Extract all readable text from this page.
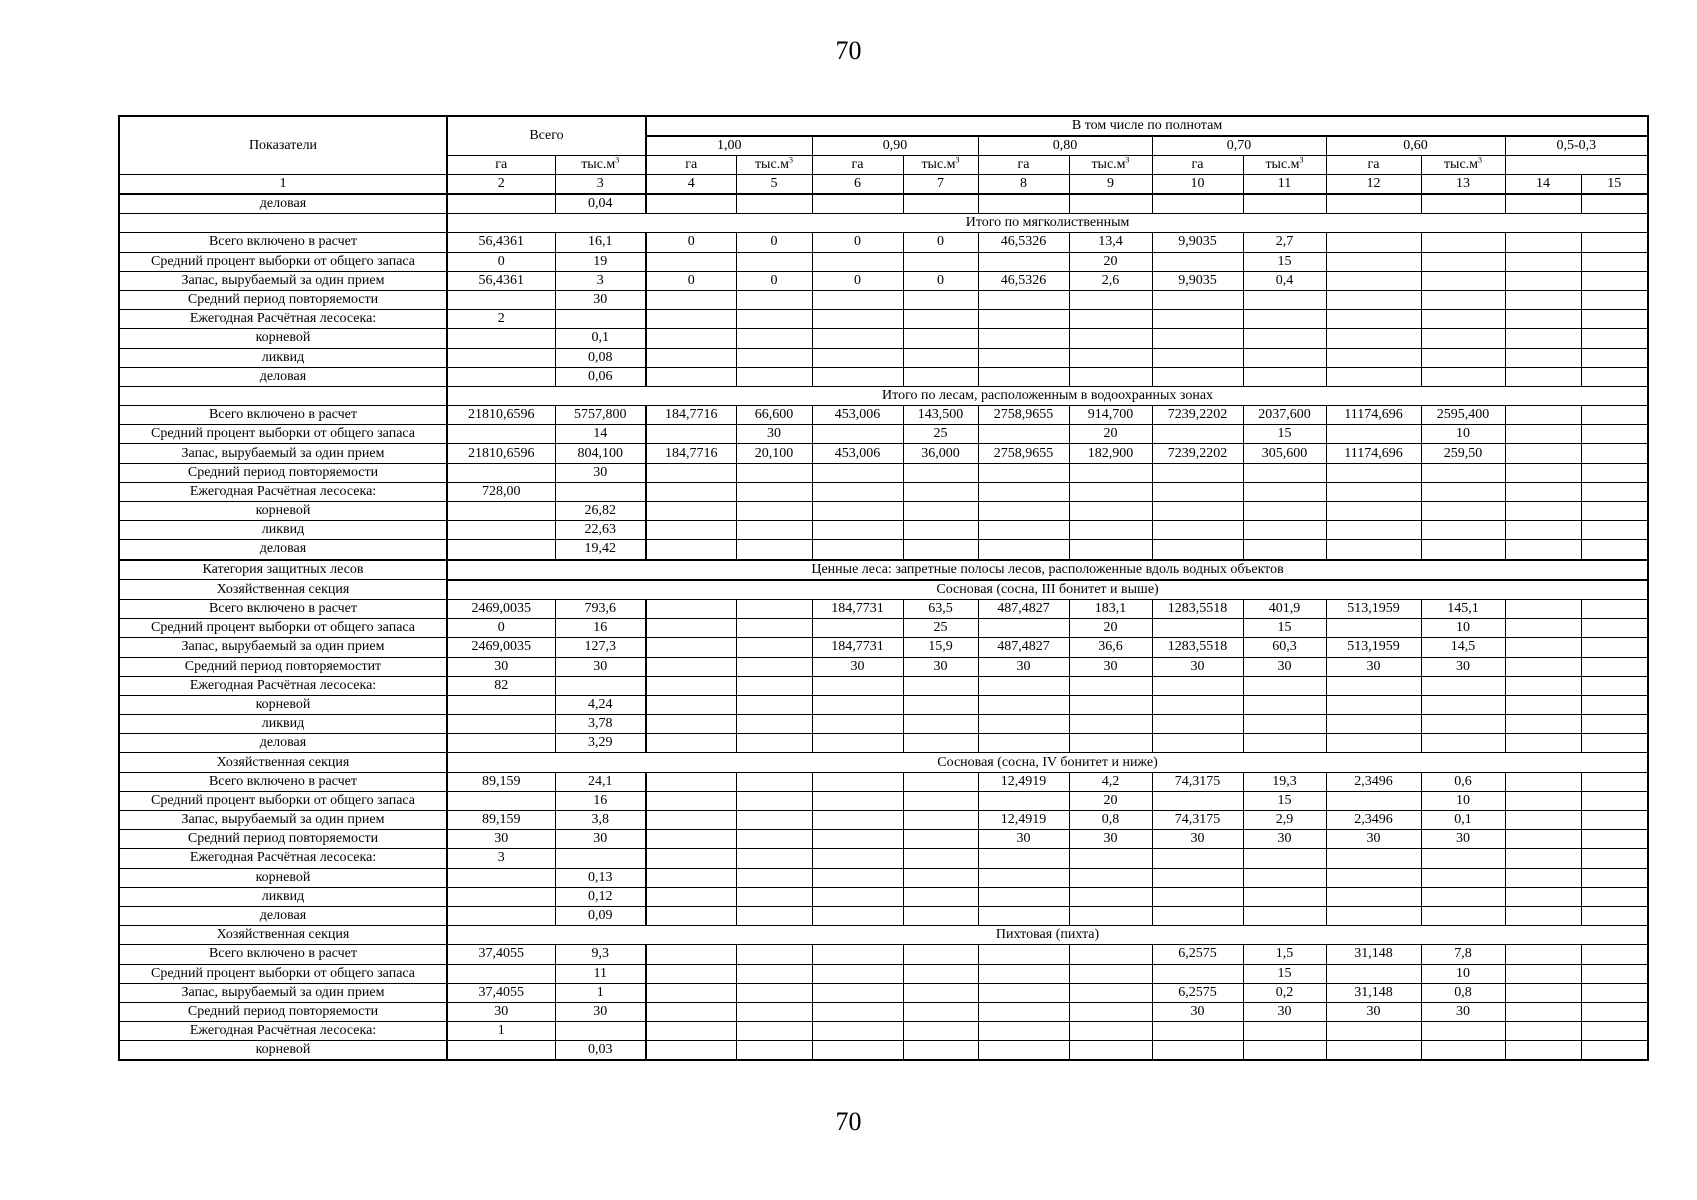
70
Показатели	Всего		В том числе по полнотам											
			1,00		0,90		0,80		0,70		0,60		0,5-0,3	
	га	$тыс.м^3$	га	$тыс.м^3$	га	$тыс.м^3$	га	$тыс.м^3$	га	$тыс.м^3$	га	$тыс.м^3$
1	2	3	4	5	6	7	8	9	10	11	12	13	14	15
деловая		0,04												
	Итого по мягколиственным													
Всего включено в расчет	56,4361	16,1	0	0	0	0	46,5326	13,4	9,9035	2,7				
Средний процент выборки от общего запаса	0	19						20		15				
Запас, вырубаемый за один прием	56,4361	3	0	0	0	0	46,5326	2,6	9,9035	0,4				
Средний период повторяемости		30												
Ежегодная Расчётная лесосека:	2													
корневой		0,1												
ликвид		0,08												
деловая		0,06												
	Итого по лесам, расположенным в водоохранных зонах													
Всего включено в расчет	21810,6596	5757,800	184,7716	66,600	453,006	143,500	2758,9655	914,700	7239,2202	2037,600	11174,696	2595,400		
Средний процент выборки от общего запаса		14		30		25		20		15		10		
Запас, вырубаемый за один прием	21810,6596	804,100	184,7716	20,100	453,006	36,000	2758,9655	182,900	7239,2202	305,600	11174,696	259,50		
Средний период повторяемости		30												
Ежегодная Расчётная лесосека:	728,00													
корневой		26,82												
ликвид		22,63												
деловая		19,42												
Категория защитных лесов	Ценные леса: запретные полосы лесов, расположенные вдоль водных объектов													
Хозяйственная секция	Сосновая (сосна, III бонитет и выше)													
Всего включено в расчет	2469,0035	793,6			184,7731	63,5	487,4827	183,1	1283,5518	401,9	513,1959	145,1		
Средний процент выборки от общего запаса	0	16				25		20		15		10		
Запас, вырубаемый за один прием	2469,0035	127,3			184,7731	15,9	487,4827	36,6	1283,5518	60,3	513,1959	14,5		
Средний период повторяемостит	30	30			30	30	30	30	30	30	30	30		
Ежегодная Расчётная лесосека:	82													
корневой		4,24												
ликвид		3,78												
деловая		3,29												
Хозяйственная секция	Сосновая (сосна, IV бонитет и ниже)													
Всего включено в расчет	89,159	24,1					12,4919	4,2	74,3175	19,3	2,3496	0,6		
Средний процент выборки от общего запаса		16						20		15		10		
Запас, вырубаемый за один прием	89,159	3,8					12,4919	0,8	74,3175	2,9	2,3496	0,1		
Средний период повторяемости	30	30					30	30	30	30	30	30		
Ежегодная Расчётная лесосека:	3													
корневой		0,13												
ликвид		0,12												
деловая		0,09												
Хозяйственная секция	Пихтовая (пихта)													
Всего включено в расчет	37,4055	9,3							6,2575	1,5	31,148	7,8		
Средний процент выборки от общего запаса		11								15		10		
Запас, вырубаемый за один прием	37,4055	1							6,2575	0,2	31,148	0,8		
Средний период повторяемости	30	30							30	30	30	30		
Ежегодная Расчётная лесосека:	1													
корневой		0,03												
70
